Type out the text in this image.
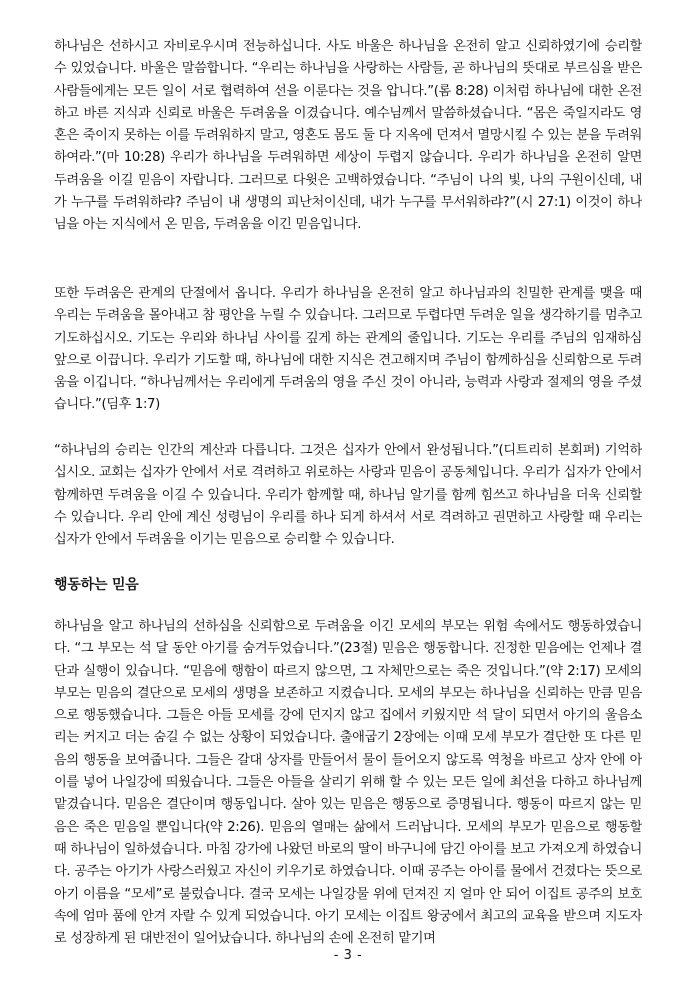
하나님은 선하시고 자비로우시며 전능하십니다. 사도 바울은 하나님을 온전히 알고 신뢰하였기에 승리할 수 있었습니다. 바울은 말씀합니다. “우리는 하나님을 사랑하는 사람들, 곧 하나님의 뜻대로 부르심을 받은 사람들에게는 모든 일이 서로 협력하여 선을 이룬다는 것을 압니다.”(롬 8:28) 이처럼 하나님에 대한 온전하고 바른 지식과 신뢰로 바울은 두려움을 이겼습니다. 예수님께서 말씀하셨습니다. “몸은 죽일지라도 영혼은 죽이지 못하는 이를 두려워하지 말고, 영혼도 몸도 둘 다 지옥에 던져서 멸망시킬 수 있는 분을 두려워하여라.”(마 10:28) 우리가 하나님을 두려워하면 세상이 두렵지 않습니다. 우리가 하나님을 온전히 알면 두려움을 이길 믿음이 자랍니다. 그러므로 다윗은 고백하였습니다. “주님이 나의 빛, 나의 구원이신데, 내가 누구를 두려워하랴? 주님이 내 생명의 피난처이신데, 내가 누구를 무서워하랴?”(시 27:1) 이것이 하나님을 아는 지식에서 온 믿음, 두려움을 이긴 믿음입니다.

또한 두려움은 관계의 단절에서 옵니다. 우리가 하나님을 온전히 알고 하나님과의 친밀한 관계를 맺을 때 우리는 두려움을 몰아내고 참 평안을 누릴 수 있습니다. 그러므로 두렵다면 두려운 일을 생각하기를 멈추고 기도하십시오. 기도는 우리와 하나님 사이를 깊게 하는 관계의 줄입니다. 기도는 우리를 주님의 임재하심 앞으로 이끕니다. 우리가 기도할 때, 하나님에 대한 지식은 견고해지며 주님이 함께하심을 신뢰함으로 두려움을 이깁니다. “하나님께서는 우리에게 두려움의 영을 주신 것이 아니라, 능력과 사랑과 절제의 영을 주셨습니다.”(딤후 1:7)

“하나님의 승리는 인간의 계산과 다릅니다. 그것은 십자가 안에서 완성됩니다.”(디트리히 본회퍼) 기억하십시오. 교회는 십자가 안에서 서로 격려하고 위로하는 사랑과 믿음이 공동체입니다. 우리가 십자가 안에서 함께하면 두려움을 이길 수 있습니다. 우리가 함께할 때, 하나님 알기를 함께 힘쓰고 하나님을 더욱 신뢰할 수 있습니다. 우리 안에 계신 성령님이 우리를 하나 되게 하셔서 서로 격려하고 권면하고 사랑할 때 우리는 십자가 안에서 두려움을 이기는 믿음으로 승리할 수 있습니다.

행동하는 믿음

하나님을 알고 하나님의 선하심을 신뢰함으로 두려움을 이긴 모세의 부모는 위험 속에서도 행동하였습니다. “그 부모는 석 달 동안 아기를 숨겨두었습니다.”(23절) 믿음은 행동합니다. 진정한 믿음에는 언제나 결단과 실행이 있습니다. “믿음에 행함이 따르지 않으면, 그 자체만으로는 죽은 것입니다.”(약 2:17) 모세의 부모는 믿음의 결단으로 모세의 생명을 보존하고 지켰습니다. 모세의 부모는 하나님을 신뢰하는 만큼 믿음으로 행동했습니다. 그들은 아들 모세를 강에 던지지 않고 집에서 키웠지만 석 달이 되면서 아기의 울음소리는 커지고 더는 숨길 수 없는 상황이 되었습니다. 출애굽기 2장에는 이때 모세 부모가 결단한 또 다른 믿음의 행동을 보여줍니다. 그들은 갈대 상자를 만들어서 물이 들어오지 않도록 역청을 바르고 상자 안에 아이를 넣어 나일강에 띄웠습니다. 그들은 아들을 살리기 위해 할 수 있는 모든 일에 최선을 다하고 하나님께 맡겼습니다. 믿음은 결단이며 행동입니다. 살아 있는 믿음은 행동으로 증명됩니다. 행동이 따르지 않는 믿음은 죽은 믿음일 뿐입니다(약 2:26). 믿음의 열매는 삶에서 드러납니다. 모세의 부모가 믿음으로 행동할 때 하나님이 일하셨습니다. 마침 강가에 나왔던 바로의 딸이 바구니에 담긴 아이를 보고 가져오게 하였습니다. 공주는 아기가 사랑스러웠고 자신이 키우기로 하였습니다. 이때 공주는 아이를 물에서 건졌다는 뜻으로 아기 이름을 “모세”로 불렀습니다. 결국 모세는 나일강물 위에 던져진 지 얼마 안 되어 이집트 공주의 보호 속에 엄마 품에 안겨 자랄 수 있게 되었습니다. 아기 모세는 이집트 왕궁에서 최고의 교육을 받으며 지도자로 성장하게 된 대반전이 일어났습니다. 하나님의 손에 온전히 맡기며

- 3 -
